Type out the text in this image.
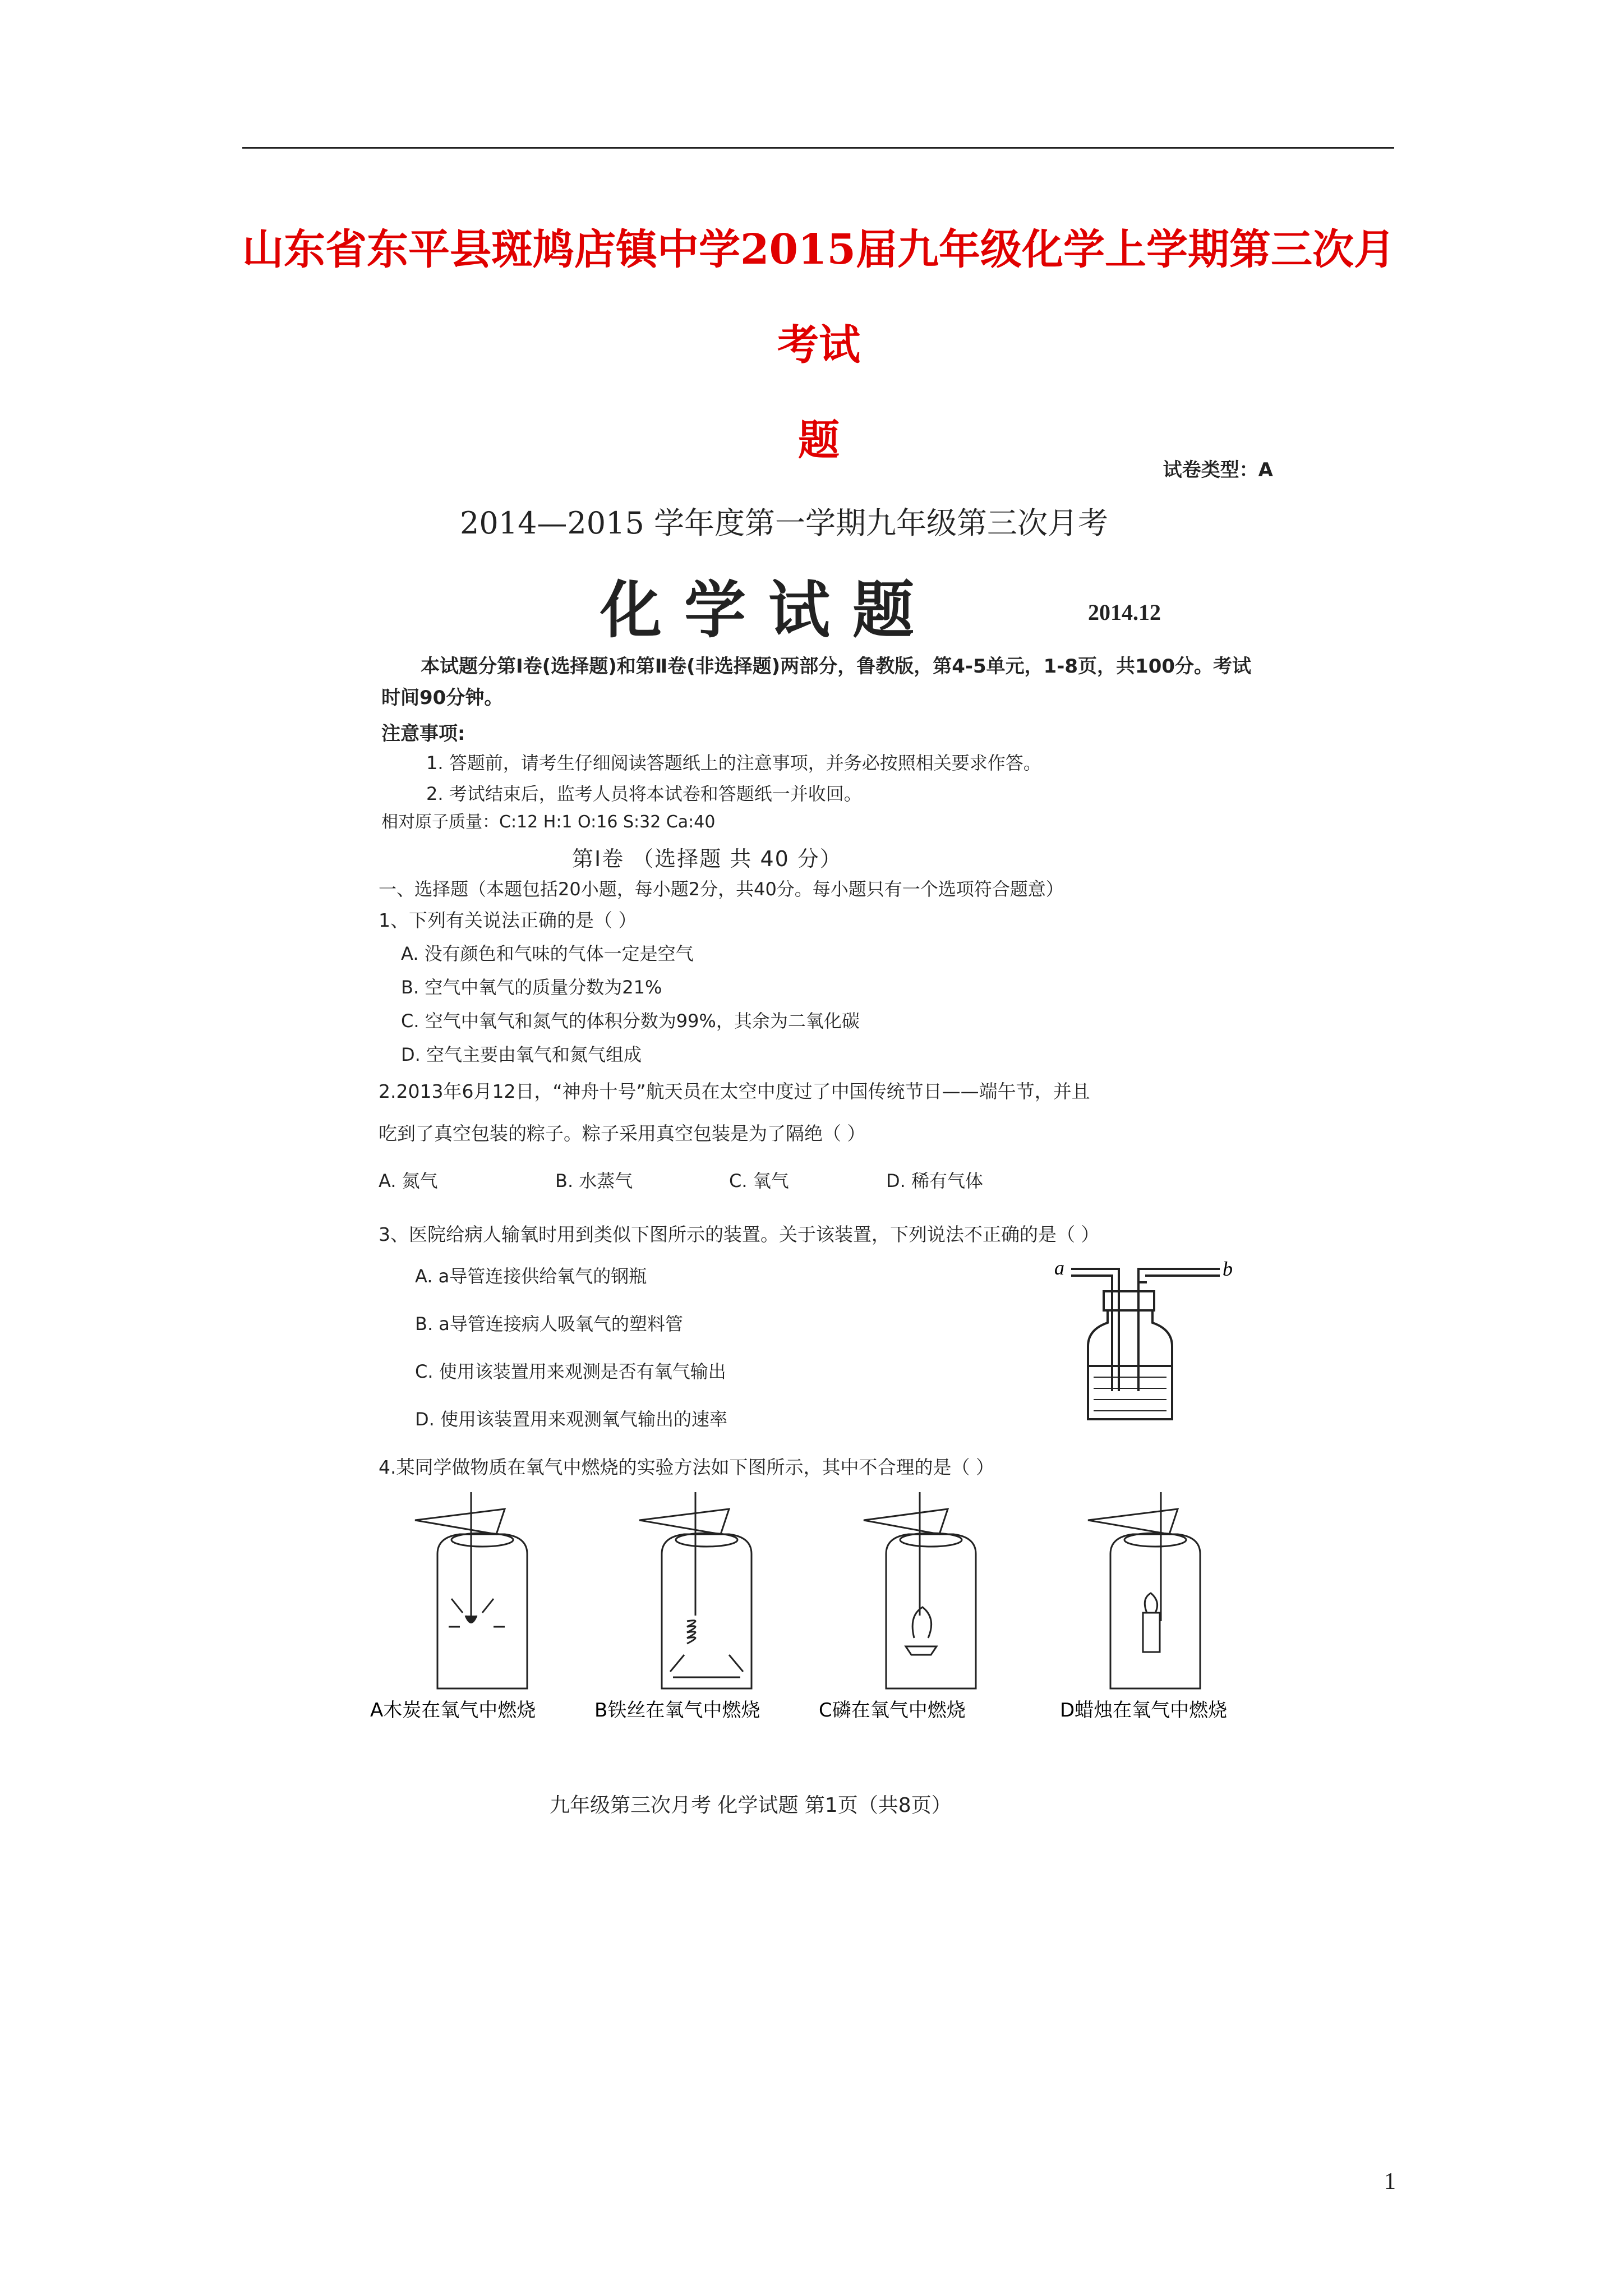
山东省东平县斑鸠店镇中学2015届九年级化学上学期第三次月考试
题
试卷类型：A
2014—2015 学年度第一学期九年级第三次月考
化学试题	2014.12
本试题分第Ⅰ卷(选择题)和第Ⅱ卷(非选择题)两部分，鲁教版，第4-5单元，1-8页，共100分。考试时间90分钟。
注意事项:
1. 答题前，请考生仔细阅读答题纸上的注意事项，并务必按照相关要求作答。
2. 考试结束后，监考人员将本试卷和答题纸一并收回。
相对原子质量：C:12 H:1 O:16 S:32 Ca:40
第Ⅰ卷 （选择题 共 40 分）
一、选择题（本题包括20小题，每小题2分，共40分。每小题只有一个选项符合题意）
1、下列有关说法正确的是（ ）
A. 没有颜色和气味的气体一定是空气
B. 空气中氧气的质量分数为21%
C. 空气中氧气和氮气的体积分数为99%，其余为二氧化碳
D. 空气主要由氧气和氮气组成
2.2013年6月12日，“神舟十号”航天员在太空中度过了中国传统节日——端午节，并且
吃到了真空包装的粽子。粽子采用真空包装是为了隔绝（ ）
A. 氮气	B. 水蒸气	C. 氧气	D. 稀有气体
3、医院给病人输氧时用到类似下图所示的装置。关于该装置，下列说法不正确的是（ ）
A. a导管连接供给氧气的钢瓶
B. a导管连接病人吸氧气的塑料管
C. 使用该装置用来观测是否有氧气输出
D. 使用该装置用来观测氧气输出的速率
a	b
4.某同学做物质在氧气中燃烧的实验方法如下图所示，其中不合理的是（ ）
A木炭在氧气中燃烧	B铁丝在氧气中燃烧	C磷在氧气中燃烧	D蜡烛在氧气中燃烧
九年级第三次月考 化学试题 第1页（共8页）
1
